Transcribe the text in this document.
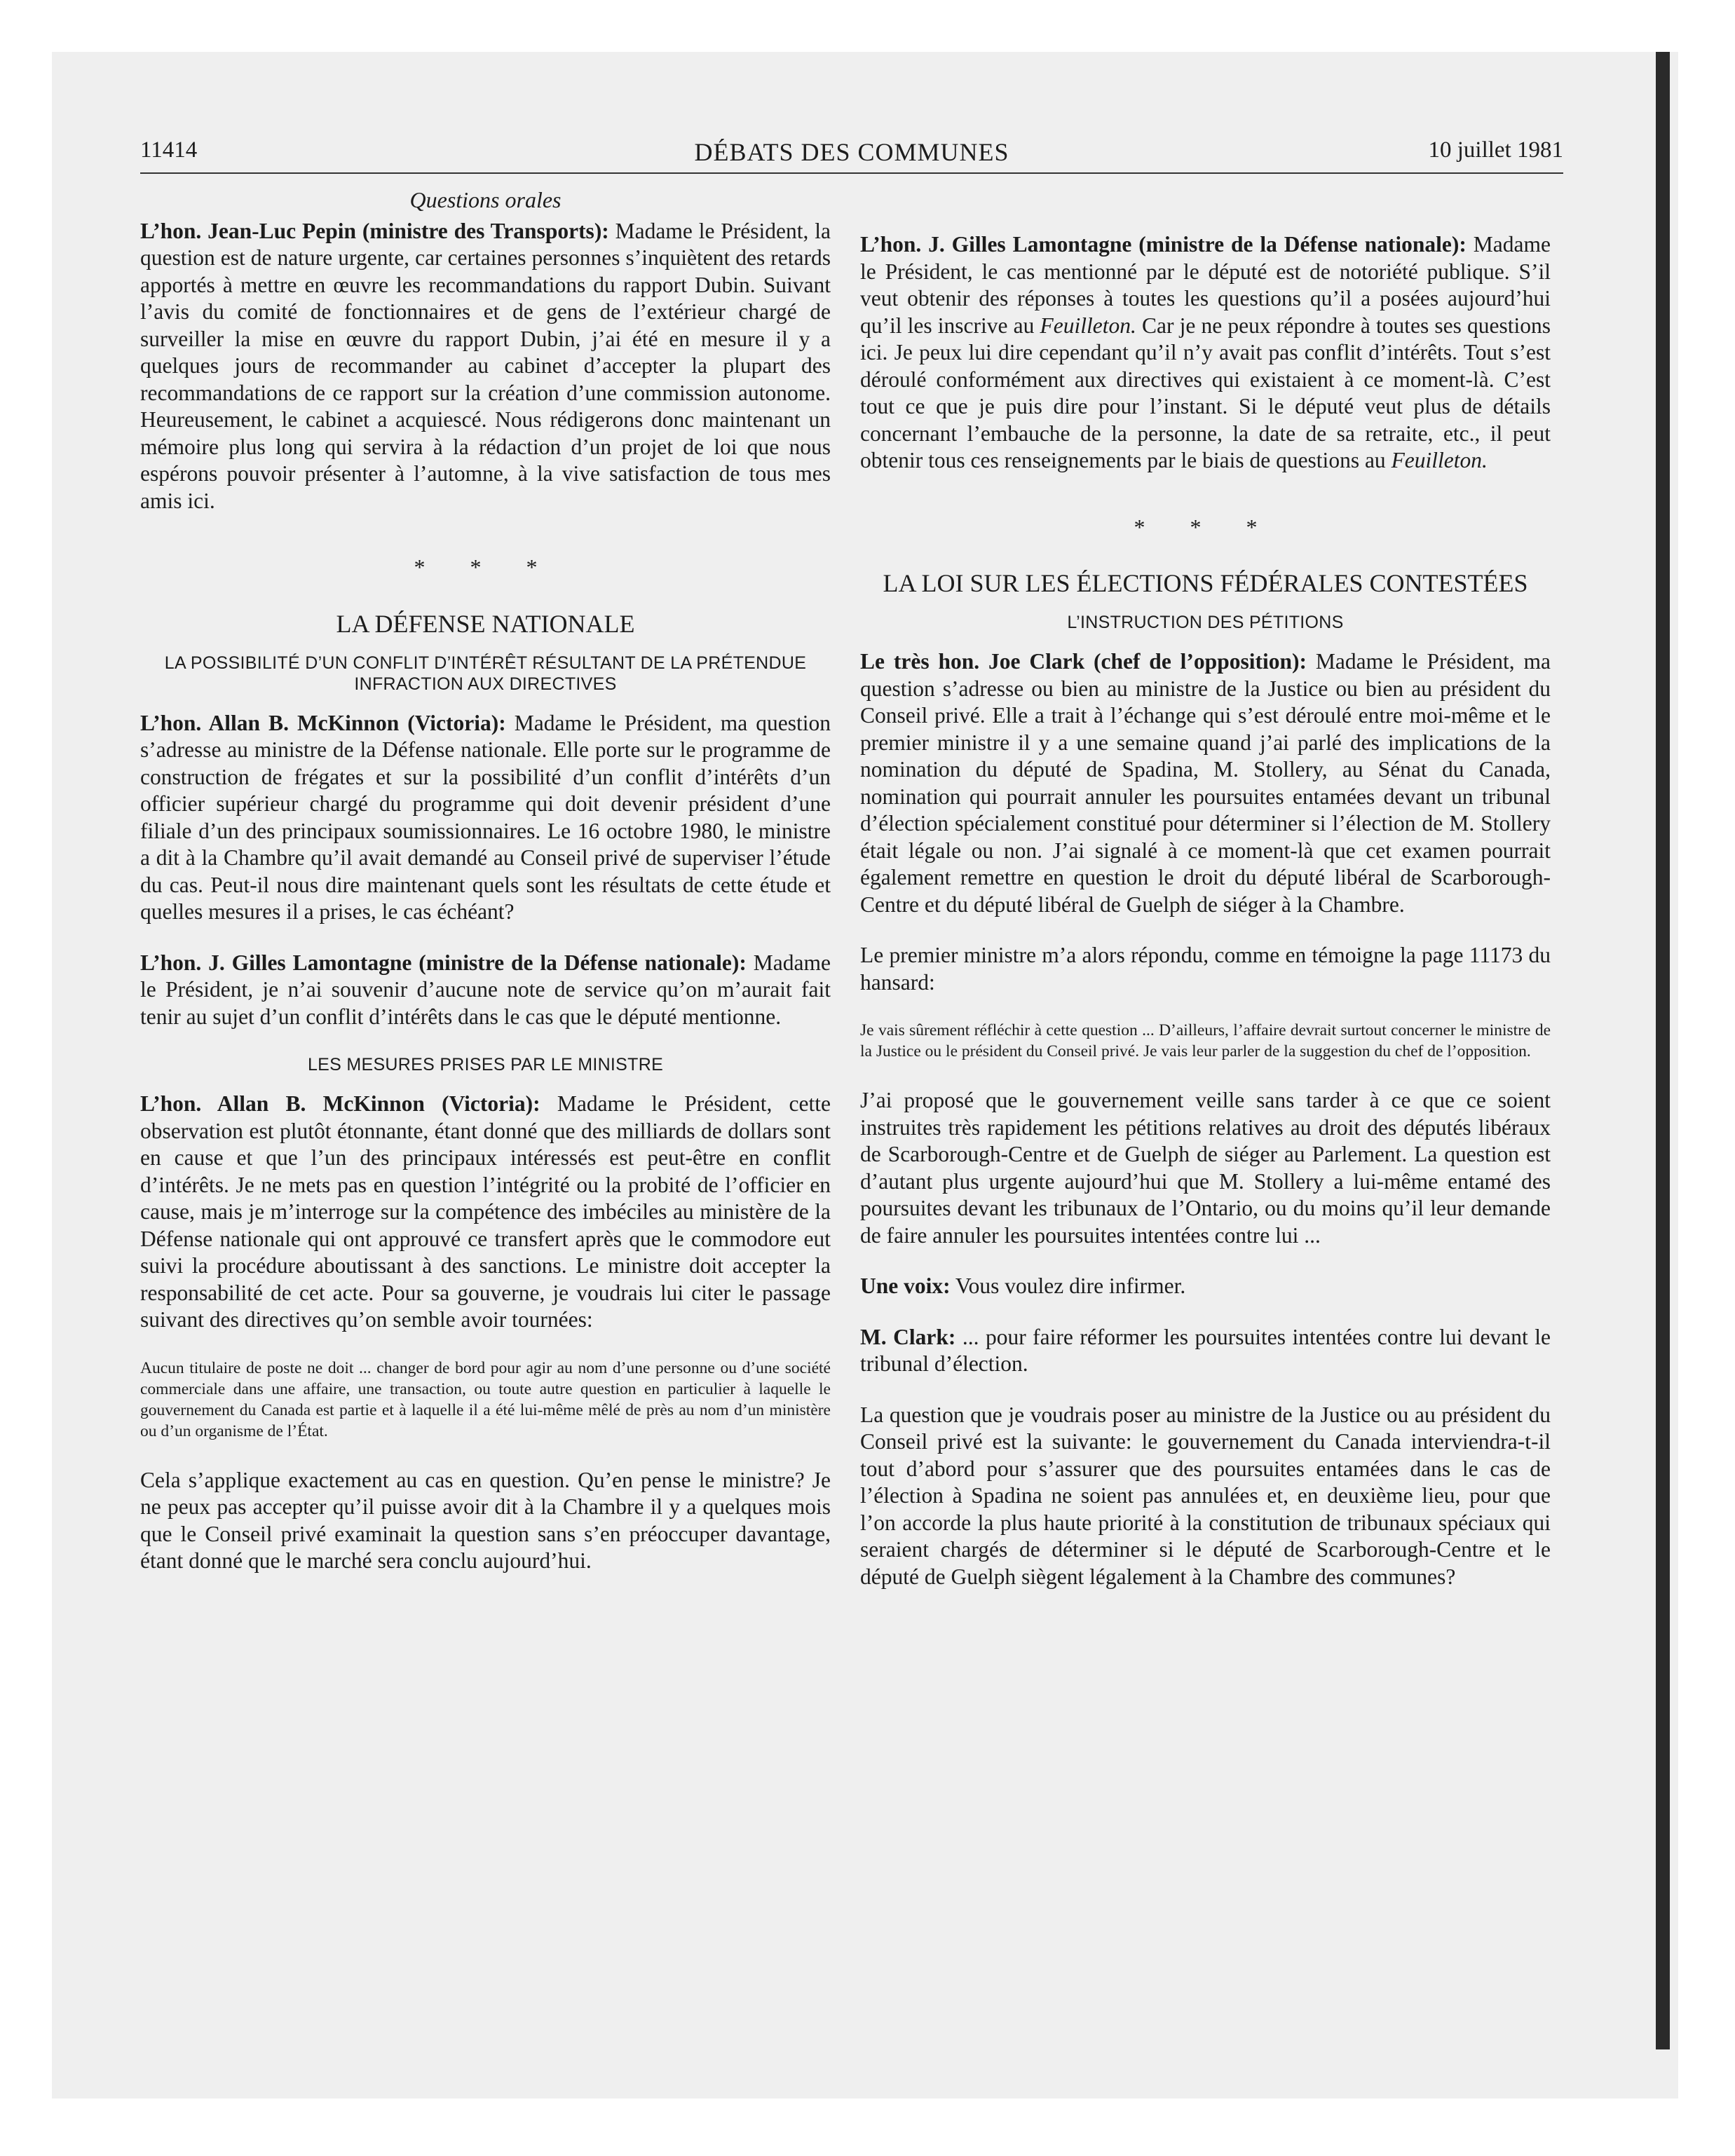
11414	DÉBATS DES COMMUNES	10 juillet 1981
Questions orales

L’hon. Jean-Luc Pepin (ministre des Transports): Madame le Président, la question est de nature urgente, car certaines personnes s’inquiètent des retards apportés à mettre en œuvre les recommandations du rapport Dubin. Suivant l’avis du comité de fonctionnaires et de gens de l’extérieur chargé de surveiller la mise en œuvre du rapport Dubin, j’ai été en mesure il y a quelques jours de recommander au cabinet d’accepter la plupart des recommandations de ce rapport sur la création d’une commission autonome. Heureusement, le cabinet a acquiescé. Nous rédigerons donc maintenant un mémoire plus long qui servira à la rédaction d’un projet de loi que nous espérons pouvoir présenter à l’automne, à la vive satisfaction de tous mes amis ici.

* * *
LA DÉFENSE NATIONALE
LA POSSIBILITÉ D’UN CONFLIT D’INTÉRÊT RÉSULTANT DE LA PRÉTENDUE INFRACTION AUX DIRECTIVES

L’hon. Allan B. McKinnon (Victoria): Madame le Président, ma question s’adresse au ministre de la Défense nationale. Elle porte sur le programme de construction de frégates et sur la possibilité d’un conflit d’intérêts d’un officier supérieur chargé du programme qui doit devenir président d’une filiale d’un des principaux soumissionnaires. Le 16 octobre 1980, le ministre a dit à la Chambre qu’il avait demandé au Conseil privé de superviser l’étude du cas. Peut-il nous dire maintenant quels sont les résultats de cette étude et quelles mesures il a prises, le cas échéant?

L’hon. J. Gilles Lamontagne (ministre de la Défense nationale): Madame le Président, je n’ai souvenir d’aucune note de service qu’on m’aurait fait tenir au sujet d’un conflit d’intérêts dans le cas que le député mentionne.

LES MESURES PRISES PAR LE MINISTRE

L’hon. Allan B. McKinnon (Victoria): Madame le Président, cette observation est plutôt étonnante, étant donné que des milliards de dollars sont en cause et que l’un des principaux intéressés est peut-être en conflit d’intérêts. Je ne mets pas en question l’intégrité ou la probité de l’officier en cause, mais je m’interroge sur la compétence des imbéciles au ministère de la Défense nationale qui ont approuvé ce transfert après que le commodore eut suivi la procédure aboutissant à des sanctions. Le ministre doit accepter la responsabilité de cet acte. Pour sa gouverne, je voudrais lui citer le passage suivant des directives qu’on semble avoir tournées:

Aucun titulaire de poste ne doit ... changer de bord pour agir au nom d’une personne ou d’une société commerciale dans une affaire, une transaction, ou toute autre question en particulier à laquelle le gouvernement du Canada est partie et à laquelle il a été lui-même mêlé de près au nom d’un ministère ou d’un organisme de l’État.

Cela s’applique exactement au cas en question. Qu’en pense le ministre? Je ne peux pas accepter qu’il puisse avoir dit à la Chambre il y a quelques mois que le Conseil privé examinait la question sans s’en préoccuper davantage, étant donné que le marché sera conclu aujourd’hui.

L’hon. J. Gilles Lamontagne (ministre de la Défense nationale): Madame le Président, le cas mentionné par le député est de notoriété publique. S’il veut obtenir des réponses à toutes les questions qu’il a posées aujourd’hui qu’il les inscrive au Feuilleton. Car je ne peux répondre à toutes ses questions ici. Je peux lui dire cependant qu’il n’y avait pas conflit d’intérêts. Tout s’est déroulé conformément aux directives qui existaient à ce moment-là. C’est tout ce que je puis dire pour l’instant. Si le député veut plus de détails concernant l’embauche de la personne, la date de sa retraite, etc., il peut obtenir tous ces renseignements par le biais de questions au Feuilleton.

* * *
LA LOI SUR LES ÉLECTIONS FÉDÉRALES CONTESTÉES
L’INSTRUCTION DES PÉTITIONS

Le très hon. Joe Clark (chef de l’opposition): Madame le Président, ma question s’adresse ou bien au ministre de la Justice ou bien au président du Conseil privé. Elle a trait à l’échange qui s’est déroulé entre moi-même et le premier ministre il y a une semaine quand j’ai parlé des implications de la nomination du député de Spadina, M. Stollery, au Sénat du Canada, nomination qui pourrait annuler les poursuites entamées devant un tribunal d’élection spécialement constitué pour déterminer si l’élection de M. Stollery était légale ou non. J’ai signalé à ce moment-là que cet examen pourrait également remettre en question le droit du député libéral de Scarborough-Centre et du député libéral de Guelph de siéger à la Chambre.

Le premier ministre m’a alors répondu, comme en témoigne la page 11173 du hansard:

Je vais sûrement réfléchir à cette question ... D’ailleurs, l’affaire devrait surtout concerner le ministre de la Justice ou le président du Conseil privé. Je vais leur parler de la suggestion du chef de l’opposition.

J’ai proposé que le gouvernement veille sans tarder à ce que ce soient instruites très rapidement les pétitions relatives au droit des députés libéraux de Scarborough-Centre et de Guelph de siéger au Parlement. La question est d’autant plus urgente aujourd’hui que M. Stollery a lui-même entamé des poursuites devant les tribunaux de l’Ontario, ou du moins qu’il leur demande de faire annuler les poursuites intentées contre lui ...

Une voix: Vous voulez dire infirmer.

M. Clark: ... pour faire réformer les poursuites intentées contre lui devant le tribunal d’élection.

La question que je voudrais poser au ministre de la Justice ou au président du Conseil privé est la suivante: le gouvernement du Canada interviendra-t-il tout d’abord pour s’assurer que des poursuites entamées dans le cas de l’élection à Spadina ne soient pas annulées et, en deuxième lieu, pour que l’on accorde la plus haute priorité à la constitution de tribunaux spéciaux qui seraient chargés de déterminer si le député de Scarborough-Centre et le député de Guelph siègent légalement à la Chambre des communes?
